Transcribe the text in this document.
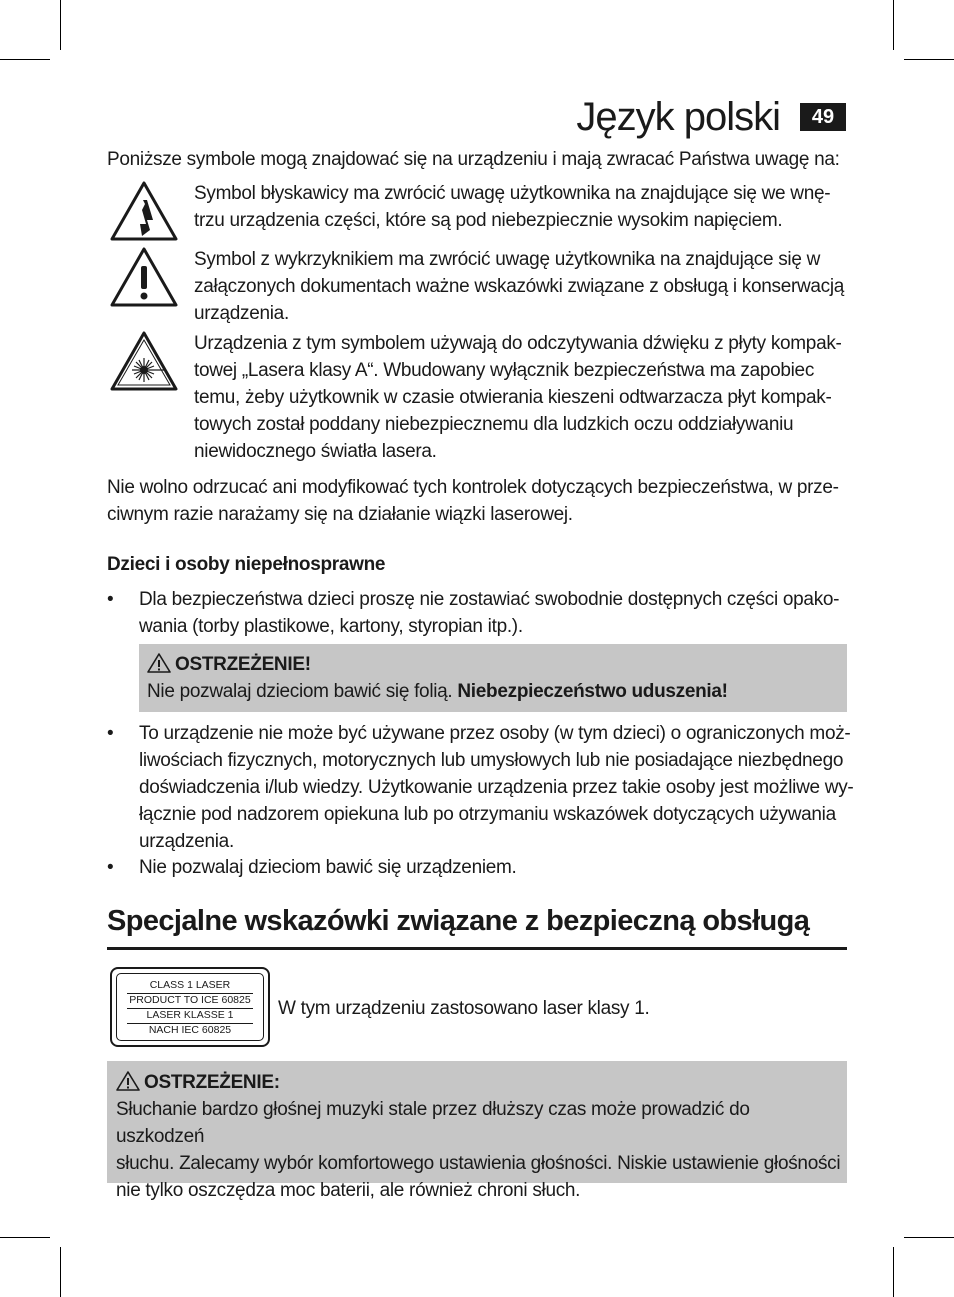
Język polski	49
Poniższe symbole mogą znajdować się na urządzeniu i mają zwracać Państwa uwagę na:
Symbol błyskawicy ma zwrócić uwagę użytkownika na znajdujące się we wnę-
trzu urządzenia części, które są pod niebezpiecznie wysokim napięciem.
Symbol z wykrzyknikiem ma zwrócić uwagę użytkownika na znajdujące się w
załączonych dokumentach ważne wskazówki związane z obsługą i konserwacją
urządzenia.
Urządzenia z tym symbolem używają do odczytywania dźwięku z płyty kompak-
towej „Lasera klasy A“. Wbudowany wyłącznik bezpieczeństwa ma zapobiec
temu, żeby użytkownik w czasie otwierania kieszeni odtwarzacza płyt kompak-
towych został poddany niebezpiecznemu dla ludzkich oczu oddziaływaniu
niewidocznego światła lasera.
Nie wolno odrzucać ani modyfikować tych kontrolek dotyczących bezpieczeństwa, w prze-
ciwnym razie narażamy się na działanie wiązki laserowej.
Dzieci i osoby niepełnosprawne
•	Dla bezpieczeństwa dzieci proszę nie zostawiać swobodnie dostępnych części opako-
wania (torby plastikowe, kartony, styropian itp.).
OSTRZEŻENIE!
Nie pozwalaj dzieciom bawić się folią. Niebezpieczeństwo uduszenia!
•	To urządzenie nie może być używane przez osoby (w tym dzieci) o ograniczonych moż-
liwościach fizycznych, motorycznych lub umysłowych lub nie posiadające niezbędnego
doświadczenia i/lub wiedzy. Użytkowanie urządzenia przez takie osoby jest możliwe wy-
łącznie pod nadzorem opiekuna lub po otrzymaniu wskazówek dotyczących używania
urządzenia.
•	Nie pozwalaj dzieciom bawić się urządzeniem.
Specjalne wskazówki związane z bezpieczną obsługą
CLASS 1 LASER
PRODUCT TO ICE 60825
LASER KLASSE 1
NACH IEC 60825
W tym urządzeniu zastosowano laser klasy 1.
OSTRZEŻENIE:
Słuchanie bardzo głośnej muzyki stale przez dłuższy czas może prowadzić do uszkodzeń
słuchu. Zalecamy wybór komfortowego ustawienia głośności. Niskie ustawienie głośności
nie tylko oszczędza moc baterii, ale również chroni słuch.
